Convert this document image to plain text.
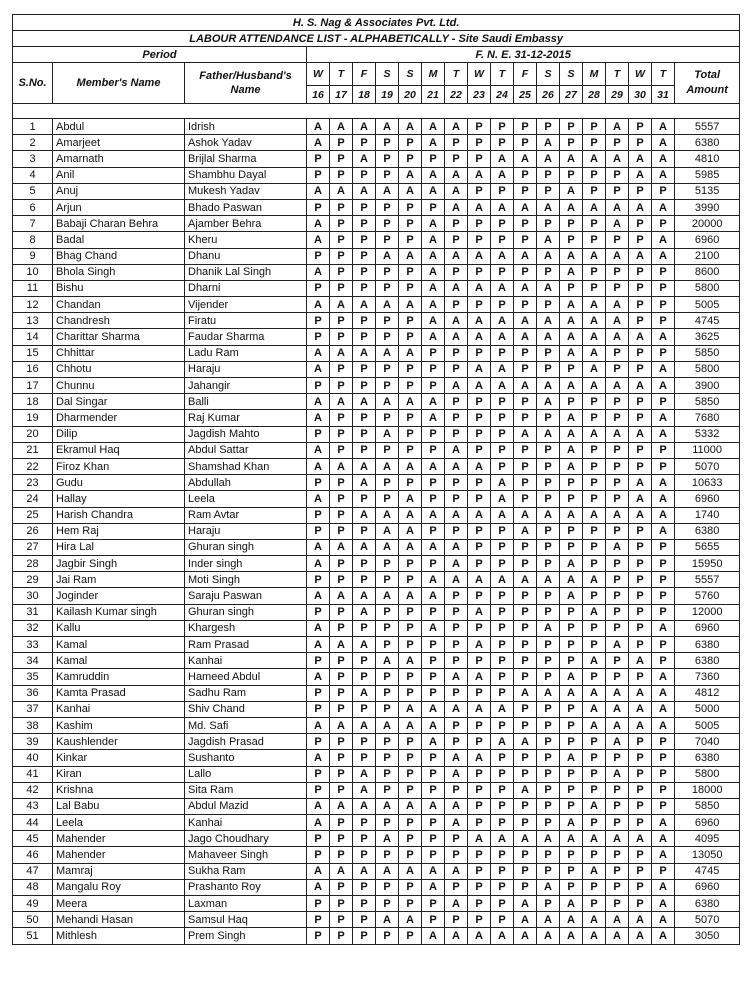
H. S. Nag & Associates Pvt. Ltd.																			
LABOUR ATTENDANCE LIST - ALPHABETICALLY - Site Saudi Embassy																			
Period			F. N. E. 31-12-2015																
S.No.	Member's Name	Father/Husband's Name	W	T	F	S	S	M	T	W	T	F	S	S	M	T	W	T	Total Amount
			16	17	18	19	20	21	22	23	24	25	26	27	28	29	30	31	

1	Abdul	Idrish	A	A	A	A	A	A	A	P	P	P	P	P	P	A	P	A	5557
2	Amarjeet	Ashok Yadav	A	P	P	P	P	A	P	P	P	P	A	P	P	P	P	A	6380
3	Amarnath	Brijlal Sharma	P	P	A	P	P	P	P	P	A	A	A	A	A	A	A	A	4810
4	Anil	Shambhu Dayal	P	P	P	P	A	A	A	A	A	P	P	P	P	P	A	A	5985
5	Anuj	Mukesh Yadav	A	A	A	A	A	A	A	P	P	P	P	A	P	P	P	P	5135
6	Arjun	Bhado Paswan	P	P	P	P	P	P	A	A	A	A	A	A	A	A	A	A	3990
7	Babaji Charan Behra	Ajamber Behra	A	P	P	P	P	A	P	P	P	P	P	P	P	A	P	P	20000
8	Badal	Kheru	A	P	P	P	P	A	P	P	P	P	A	P	P	P	P	A	6960
9	Bhag Chand	Dhanu	P	P	P	A	A	A	A	A	A	A	A	A	A	A	A	A	2100
10	Bhola Singh	Dhanik Lal Singh	A	P	P	P	P	A	P	P	P	P	P	A	P	P	P	P	8600
11	Bishu	Dharni	P	P	P	P	P	A	A	A	A	A	A	P	P	P	P	P	5800
12	Chandan	Vijender	A	A	A	A	A	A	P	P	P	P	P	A	A	A	P	P	5005
13	Chandresh	Firatu	P	P	P	P	P	A	A	A	A	A	A	A	A	A	P	P	4745
14	Charittar Sharma	Faudar Sharma	P	P	P	P	P	A	A	A	A	A	A	A	A	A	A	A	3625
15	Chhittar	Ladu Ram	A	A	A	A	A	P	P	P	P	P	P	A	A	P	P	P	5850
16	Chhotu	Haraju	A	P	P	P	P	P	P	A	A	P	P	P	A	P	P	A	5800
17	Chunnu	Jahangir	P	P	P	P	P	P	A	A	A	A	A	A	A	A	A	A	3900
18	Dal Singar	Balli	A	A	A	A	A	A	P	P	P	P	A	P	P	P	P	P	5850
19	Dharmender	Raj Kumar	A	P	P	P	P	A	P	P	P	P	P	A	P	P	P	A	7680
20	Dilip	Jagdish Mahto	P	P	P	A	P	P	P	P	P	A	A	A	A	A	A	A	5332
21	Ekramul Haq	Abdul Sattar	A	P	P	P	P	P	A	P	P	P	P	A	P	P	P	P	11000
22	Firoz Khan	Shamshad Khan	A	A	A	A	A	A	A	A	P	P	P	A	P	P	P	P	5070
23	Gudu	Abdullah	P	P	A	P	P	P	P	P	A	P	P	P	P	P	A	A	10633
24	Hallay	Leela	A	P	P	P	A	P	P	P	A	P	P	P	P	P	A	A	6960
25	Harish Chandra	Ram Avtar	P	P	A	A	A	A	A	A	A	A	A	A	A	A	A	A	1740
26	Hem Raj	Haraju	P	P	P	A	A	P	P	P	P	A	P	P	P	P	P	A	6380
27	Hira Lal	Ghuran singh	A	A	A	A	A	A	A	P	P	P	P	P	P	A	P	P	5655
28	Jagbir Singh	Inder singh	A	P	P	P	P	P	A	P	P	P	P	A	P	P	P	P	15950
29	Jai Ram	Moti Singh	P	P	P	P	P	A	A	A	A	A	A	A	A	P	P	P	5557
30	Joginder	Saraju Paswan	A	A	A	A	A	A	P	P	P	P	P	A	P	P	P	P	5760
31	Kailash Kumar singh	Ghuran singh	P	P	A	P	P	P	P	A	P	P	P	P	A	P	P	P	12000
32	Kallu	Khargesh	A	P	P	P	P	A	P	P	P	P	A	P	P	P	P	A	6960
33	Kamal	Ram Prasad	A	A	A	P	P	P	P	A	P	P	P	P	P	A	P	P	6380
34	Kamal	Kanhai	P	P	P	A	A	P	P	P	P	P	P	P	A	P	A	P	6380
35	Kamruddin	Hameed Abdul	A	P	P	P	P	P	A	A	P	P	P	A	P	P	P	A	7360
36	Kamta Prasad	Sadhu Ram	P	P	A	P	P	P	P	P	P	A	A	A	A	A	A	A	4812
37	Kanhai	Shiv Chand	P	P	P	P	A	A	A	A	A	P	P	P	A	A	A	A	5000
38	Kashim	Md. Safi	A	A	A	A	A	A	P	P	P	P	P	P	A	A	A	A	5005
39	Kaushlender	Jagdish Prasad	P	P	P	P	P	A	P	P	A	A	P	P	P	A	P	P	7040
40	Kinkar	Sushanto	A	P	P	P	P	P	A	A	P	P	P	A	P	P	P	P	6380
41	Kiran	Lallo	P	P	A	P	P	P	A	P	P	P	P	P	P	A	P	P	5800
42	Krishna	Sita Ram	P	P	A	P	P	P	P	P	P	A	P	P	P	P	P	P	18000
43	Lal Babu	Abdul Mazid	A	A	A	A	A	A	A	P	P	P	P	P	A	P	P	P	5850
44	Leela	Kanhai	A	P	P	P	P	P	A	P	P	P	P	A	P	P	P	A	6960
45	Mahender	Jago Choudhary	P	P	P	A	P	P	P	A	A	A	A	A	A	A	A	A	4095
46	Mahender	Mahaveer Singh	P	P	P	P	P	P	P	P	P	P	P	P	P	P	P	A	13050
47	Mamraj	Sukha Ram	A	A	A	A	A	A	A	P	P	P	P	P	A	P	P	P	4745
48	Mangalu Roy	Prashanto Roy	A	P	P	P	P	A	P	P	P	P	A	P	P	P	P	A	6960
49	Meera	Laxman	P	P	P	P	P	P	A	P	P	A	P	A	P	P	P	A	6380
50	Mehandi Hasan	Samsul Haq	P	P	P	A	A	P	P	P	P	A	A	A	A	A	A	A	5070
51	Mithlesh	Prem Singh	P	P	P	P	P	A	A	A	A	A	A	A	A	A	A	A	3050
